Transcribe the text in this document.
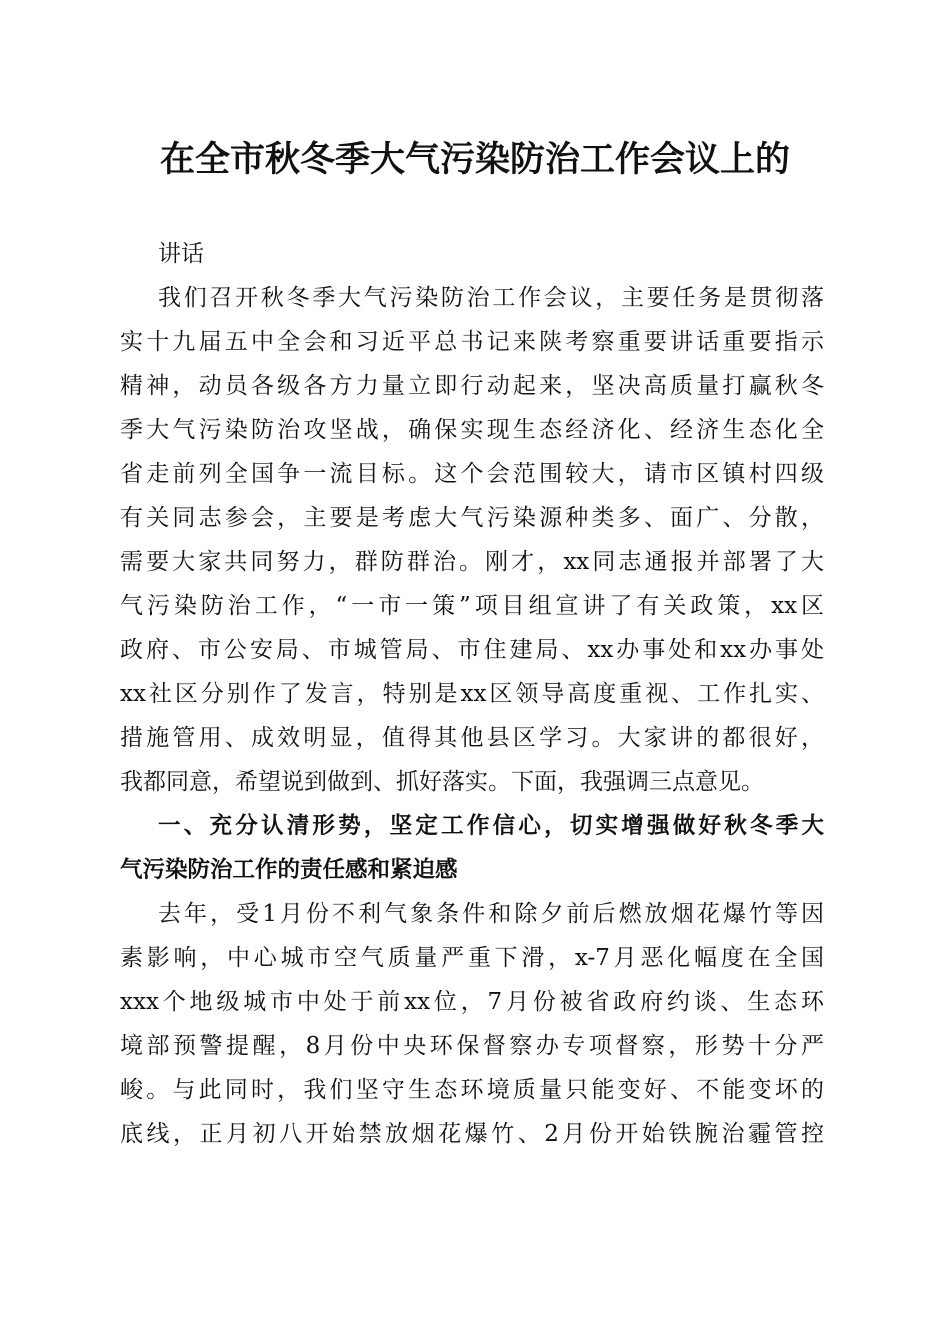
在全市秋冬季大气污染防治工作会议上的

讲话

我们召开秋冬季大气污染防治工作会议，主要任务是贯彻落

实十九届五中全会和习近平总书记来陕考察重要讲话重要指示

精神，动员各级各方力量立即行动起来，坚决高质量打赢秋冬

季大气污染防治攻坚战，确保实现生态经济化、经济生态化全

省走前列全国争一流目标。这个会范围较大，请市区镇村四级

有关同志参会，主要是考虑大气污染源种类多、面广、分散，

需要大家共同努力，群防群治。刚才，xx同志通报并部署了大

气污染防治工作，“一市一策”项目组宣讲了有关政策，xx区

政府、市公安局、市城管局、市住建局、xx办事处和xx办事处

xx社区分别作了发言，特别是xx区领导高度重视、工作扎实、

措施管用、成效明显，值得其他县区学习。大家讲的都很好，

我都同意，希望说到做到、抓好落实。下面，我强调三点意见。

一、充分认清形势，坚定工作信心，切实增强做好秋冬季大

气污染防治工作的责任感和紧迫感

去年，受1月份不利气象条件和除夕前后燃放烟花爆竹等因

素影响，中心城市空气质量严重下滑，x-7月恶化幅度在全国

xxx个地级城市中处于前xx位，7月份被省政府约谈、生态环

境部预警提醒，8月份中央环保督察办专项督察，形势十分严

峻。与此同时，我们坚守生态环境质量只能变好、不能变坏的

底线，正月初八开始禁放烟花爆竹、2月份开始铁腕治霾管控
